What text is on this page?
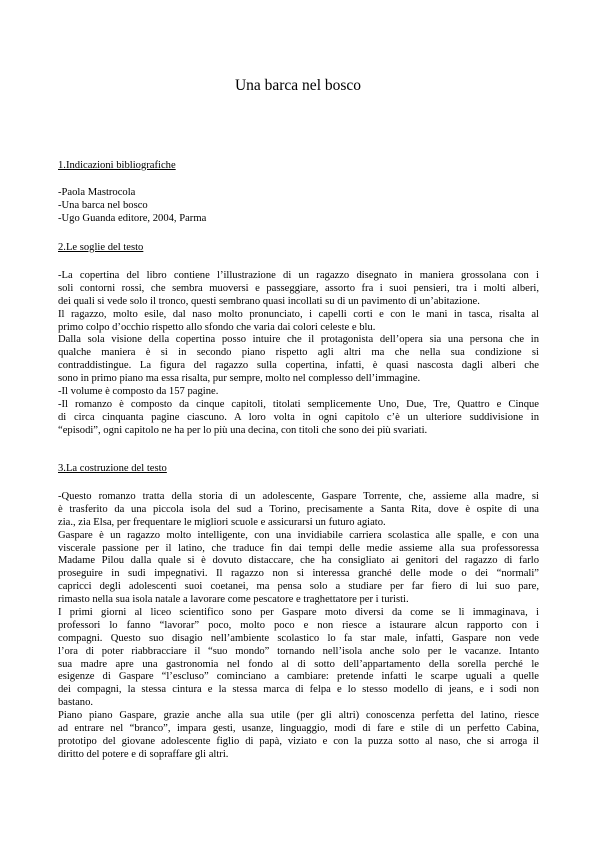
Una barca nel bosco
1.Indicazioni bibliografiche
-Paola Mastrocola
-Una barca nel bosco
-Ugo Guanda editore, 2004, Parma
2.Le soglie del testo
-La copertina del libro contiene l’illustrazione di un ragazzo disegnato in maniera grossolana con i
soli contorni rossi, che sembra muoversi e passeggiare, assorto fra i suoi pensieri, tra i molti alberi,
dei quali si vede solo il tronco, questi sembrano quasi incollati su di un pavimento di un’abitazione.
Il ragazzo, molto esile, dal naso molto pronunciato, i capelli corti e con le mani in tasca, risalta al
primo colpo d’occhio rispetto allo sfondo che varia dai colori celeste e blu.
Dalla sola visione della copertina posso intuire che il protagonista dell’opera sia una persona che in
qualche maniera è si in secondo piano rispetto agli altri ma che nella sua condizione si
contraddistingue. La figura del ragazzo sulla copertina, infatti, è quasi nascosta dagli alberi che
sono in primo piano ma essa risalta, pur sempre, molto nel complesso dell’immagine.
-Il volume è composto da 157 pagine.
-Il romanzo è composto da cinque capitoli, titolati semplicemente Uno, Due, Tre, Quattro e Cinque
di circa cinquanta pagine ciascuno. A loro volta in ogni capitolo c’è un ulteriore suddivisione in
“episodi”, ogni capitolo ne ha per lo più una decina, con titoli che sono dei più svariati.
3.La costruzione del testo
-Questo romanzo tratta della storia di un adolescente, Gaspare Torrente, che, assieme alla madre, si
è trasferito da una piccola isola del sud a Torino, precisamente a Santa Rita, dove è ospite di una
zia., zia Elsa, per frequentare le migliori scuole e assicurarsi un futuro agiato.
Gaspare è un ragazzo molto intelligente, con una invidiabile carriera scolastica alle spalle, e con una
viscerale passione per il latino, che traduce fin dai tempi delle medie assieme alla sua professoressa
Madame Pilou dalla quale si è dovuto distaccare, che ha consigliato ai genitori del ragazzo di farlo
proseguire in sudi impegnativi. Il ragazzo non si interessa granché delle mode o dei “normali”
capricci degli adolescenti suoi coetanei, ma pensa solo a studiare per far fiero di lui suo pare,
rimasto nella sua isola natale a lavorare come pescatore e traghettatore per i turisti.
I primi giorni al liceo scientifico sono per Gaspare moto diversi da come se li immaginava, i
professori lo fanno “lavorar” poco, molto poco e non riesce a istaurare alcun rapporto con i
compagni. Questo suo disagio nell’ambiente scolastico lo fa star male, infatti, Gaspare non vede
l’ora di poter riabbracciare il “suo mondo” tornando nell’isola anche solo per le vacanze. Intanto
sua madre apre una gastronomia nel fondo al di sotto dell’appartamento della sorella perché le
esigenze di Gaspare “l’escluso” cominciano a cambiare: pretende infatti le scarpe uguali a quelle
dei compagni, la stessa cintura e la stessa marca di felpa e lo stesso modello di jeans, e i sodi non
bastano.
Piano piano Gaspare, grazie anche alla sua utile (per gli altri) conoscenza perfetta del latino, riesce
ad entrare nel “branco”, impara gesti, usanze, linguaggio, modi di fare e stile di un perfetto Cabina,
prototipo del giovane adolescente figlio di papà, viziato e con la puzza sotto al naso, che si arroga il
diritto del potere e di sopraffare gli altri.
